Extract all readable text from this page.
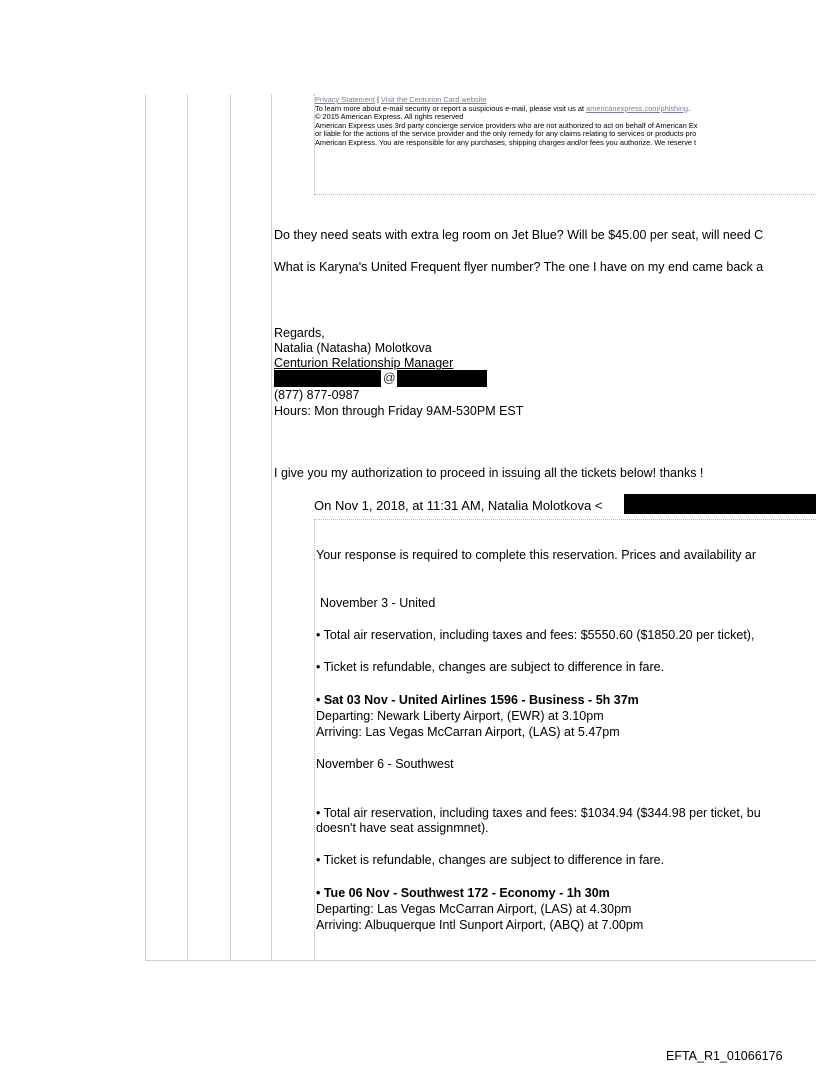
Privacy Statement | Visit the Centurion Card website
To learn more about e-mail security or report a suspicious e-mail, please visit us at americanexpress.com/phishing.
© 2015 American Express. All rights reserved
American Express uses 3rd party concierge service providers who are not authorized to act on behalf of American Ex
or liable for the actions of the service provider and the only remedy for any claims relating to services or products pro
American Express. You are responsible for any purchases, shipping charges and/or fees you authorize. We reserve t
Do they need seats with extra leg room on Jet Blue? Will be $45.00 per seat, will need C
What is Karyna's United Frequent flyer number? The one I have on my end came back a
Regards,
Natalia (Natasha) Molotkova
Centurion Relationship Manager
@
(877) 877-0987
Hours: Mon through Friday 9AM-530PM EST
I give you my authorization to proceed in issuing all the tickets below! thanks !
On Nov 1, 2018, at 11:31 AM, Natalia Molotkova <
Your response is required to complete this reservation. Prices and availability ar
November 3 - United
• Total air reservation, including taxes and fees: $5550.60 ($1850.20 per ticket),
• Ticket is refundable, changes are subject to difference in fare.
• Sat 03 Nov - United Airlines 1596 - Business - 5h 37m
Departing: Newark Liberty Airport, (EWR) at 3.10pm
Arriving: Las Vegas McCarran Airport, (LAS) at 5.47pm
November 6 - Southwest
• Total air reservation, including taxes and fees: $1034.94 ($344.98 per ticket, bu
doesn't have seat assignmnet).
• Ticket is refundable, changes are subject to difference in fare.
• Tue 06 Nov - Southwest 172 - Economy - 1h 30m
Departing: Las Vegas McCarran Airport, (LAS) at 4.30pm
Arriving: Albuquerque Intl Sunport Airport, (ABQ) at 7.00pm
EFTA_R1_01066176
